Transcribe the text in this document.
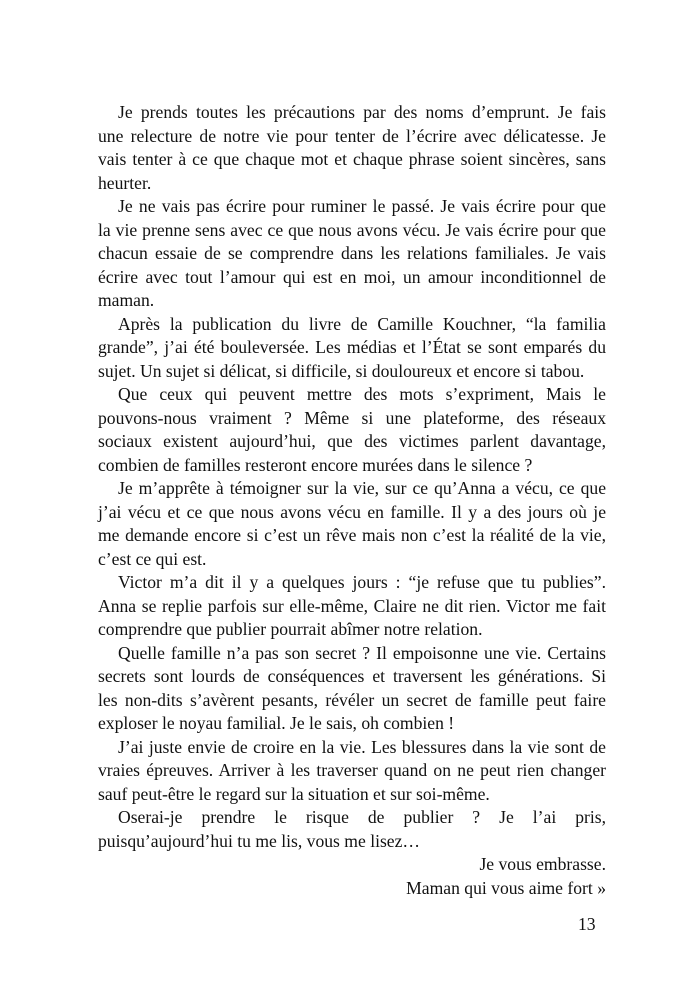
Je prends toutes les précautions par des noms d’emprunt. Je fais
une relecture de notre vie pour tenter de l’écrire avec délicatesse. Je
vais tenter à ce que chaque mot et chaque phrase soient sincères, sans
heurter.
Je ne vais pas écrire pour ruminer le passé. Je vais écrire pour que
la vie prenne sens avec ce que nous avons vécu. Je vais écrire pour que
chacun essaie de se comprendre dans les relations familiales. Je vais
écrire avec tout l’amour qui est en moi, un amour inconditionnel de
maman.
Après la publication du livre de Camille Kouchner, “la familia
grande”, j’ai été bouleversée. Les médias et l’État se sont emparés du
sujet. Un sujet si délicat, si difficile, si douloureux et encore si tabou.
Que ceux qui peuvent mettre des mots s’expriment, Mais le
pouvons-nous vraiment ? Même si une plateforme, des réseaux
sociaux existent aujourd’hui, que des victimes parlent davantage,
combien de familles resteront encore murées dans le silence ?
Je m’apprête à témoigner sur la vie, sur ce qu’Anna a vécu, ce que
j’ai vécu et ce que nous avons vécu en famille. Il y a des jours où je
me demande encore si c’est un rêve mais non c’est la réalité de la vie,
c’est ce qui est.
Victor m’a dit il y a quelques jours : “je refuse que tu publies”.
Anna se replie parfois sur elle-même, Claire ne dit rien. Victor me fait
comprendre que publier pourrait abîmer notre relation.
Quelle famille n’a pas son secret ? Il empoisonne une vie. Certains
secrets sont lourds de conséquences et traversent les générations. Si
les non-dits s’avèrent pesants, révéler un secret de famille peut faire
exploser le noyau familial. Je le sais, oh combien !
J’ai juste envie de croire en la vie. Les blessures dans la vie sont de
vraies épreuves. Arriver à les traverser quand on ne peut rien changer
sauf peut-être le regard sur la situation et sur soi-même.
Oserai-je prendre le risque de publier ? Je l’ai pris,
puisqu’aujourd’hui tu me lis, vous me lisez…
Je vous embrasse.
Maman qui vous aime fort »
13
